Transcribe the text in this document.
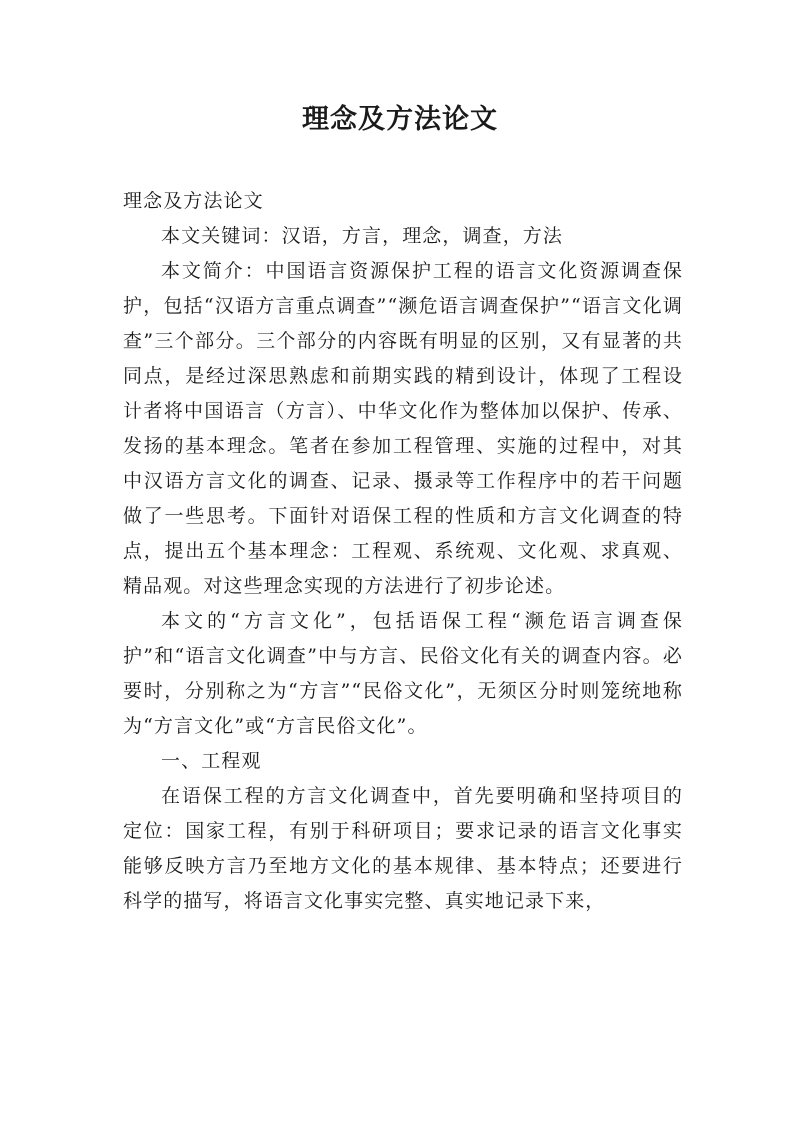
理念及方法论文

理念及方法论文

本文关键词：汉语，方言，理念，调查，方法

本文简介：中国语言资源保护工程的语言文化资源调查保护，包括“汉语方言重点调查”“濒危语言调查保护”“语言文化调查”三个部分。三个部分的内容既有明显的区别，又有显著的共同点，是经过深思熟虑和前期实践的精到设计，体现了工程设计者将中国语言（方言）、中华文化作为整体加以保护、传承、发扬的基本理念。笔者在参加工程管理、实施的过程中，对其中汉语方言文化的调查、记录、摄录等工作程序中的若干问题做了一些思考。下面针对语保工程的性质和方言文化调查的特点，提出五个基本理念：工程观、系统观、文化观、求真观、精品观。对这些理念实现的方法进行了初步论述。

本文的“方言文化”，包括语保工程“濒危语言调查保护”和“语言文化调查”中与方言、民俗文化有关的调查内容。必要时，分别称之为“方言”“民俗文化”，无须区分时则笼统地称为“方言文化”或“方言民俗文化”。

一、工程观

在语保工程的方言文化调查中，首先要明确和坚持项目的定位：国家工程，有别于科研项目；要求记录的语言文化事实能够反映方言乃至地方文化的基本规律、基本特点；还要进行科学的描写，将语言文化事实完整、真实地记录下来，
